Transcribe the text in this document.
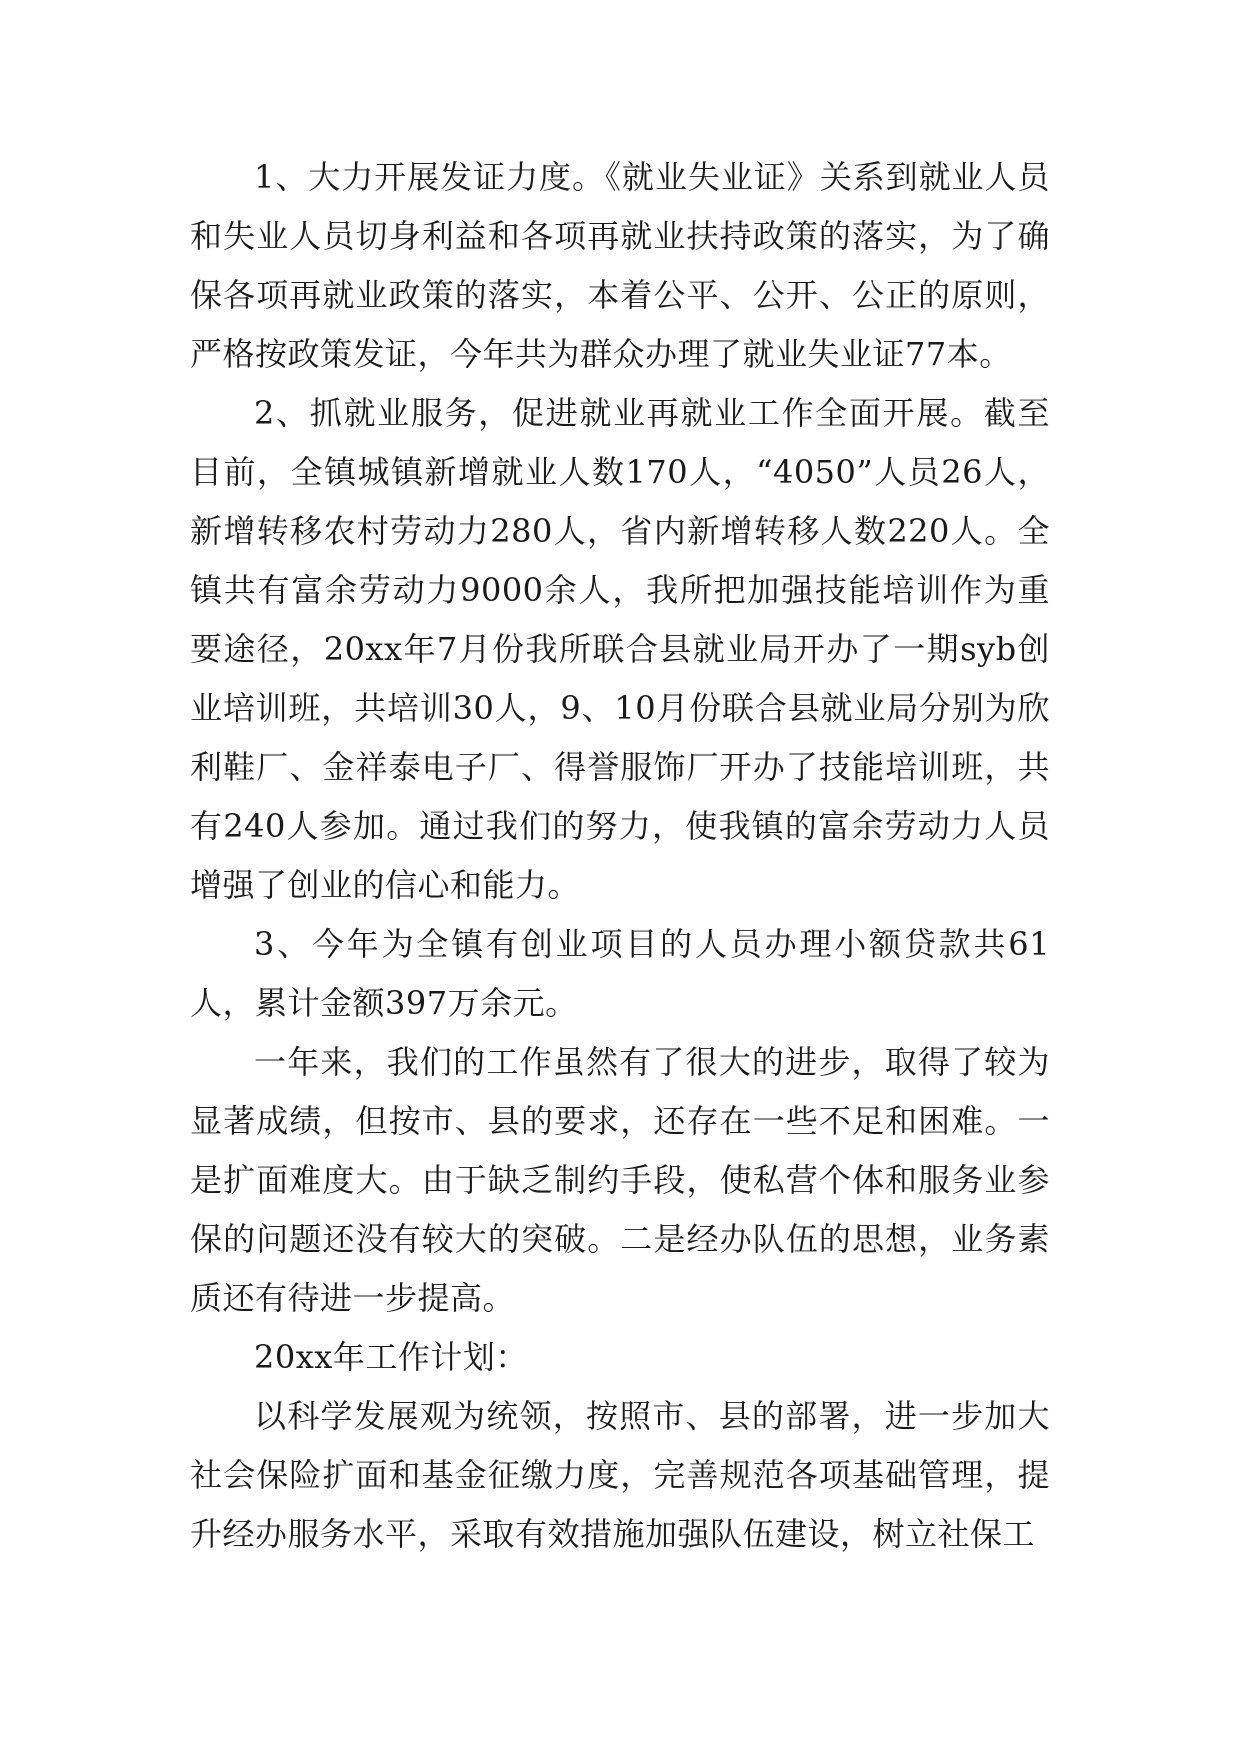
1、大力开展发证力度。《就业失业证》关系到就业人员和失业人员切身利益和各项再就业扶持政策的落实，为了确保各项再就业政策的落实，本着公平、公开、公正的原则，严格按政策发证，今年共为群众办理了就业失业证77本。

2、抓就业服务，促进就业再就业工作全面开展。截至目前，全镇城镇新增就业人数170人，“4050”人员26人，新增转移农村劳动力280人，省内新增转移人数220人。全镇共有富余劳动力9000余人，我所把加强技能培训作为重要途径，20xx年7月份我所联合县就业局开办了一期syb创业培训班，共培训30人，9、10月份联合县就业局分别为欣利鞋厂、金祥泰电子厂、得誉服饰厂开办了技能培训班，共有240人参加。通过我们的努力，使我镇的富余劳动力人员增强了创业的信心和能力。

3、今年为全镇有创业项目的人员办理小额贷款共61人，累计金额397万余元。

一年来，我们的工作虽然有了很大的进步，取得了较为显著成绩，但按市、县的要求，还存在一些不足和困难。一是扩面难度大。由于缺乏制约手段，使私营个体和服务业参保的问题还没有较大的突破。二是经办队伍的思想，业务素质还有待进一步提高。

20xx年工作计划：

以科学发展观为统领，按照市、县的部署，进一步加大社会保险扩面和基金征缴力度，完善规范各项基础管理，提升经办服务水平，采取有效措施加强队伍建设，树立社保工
